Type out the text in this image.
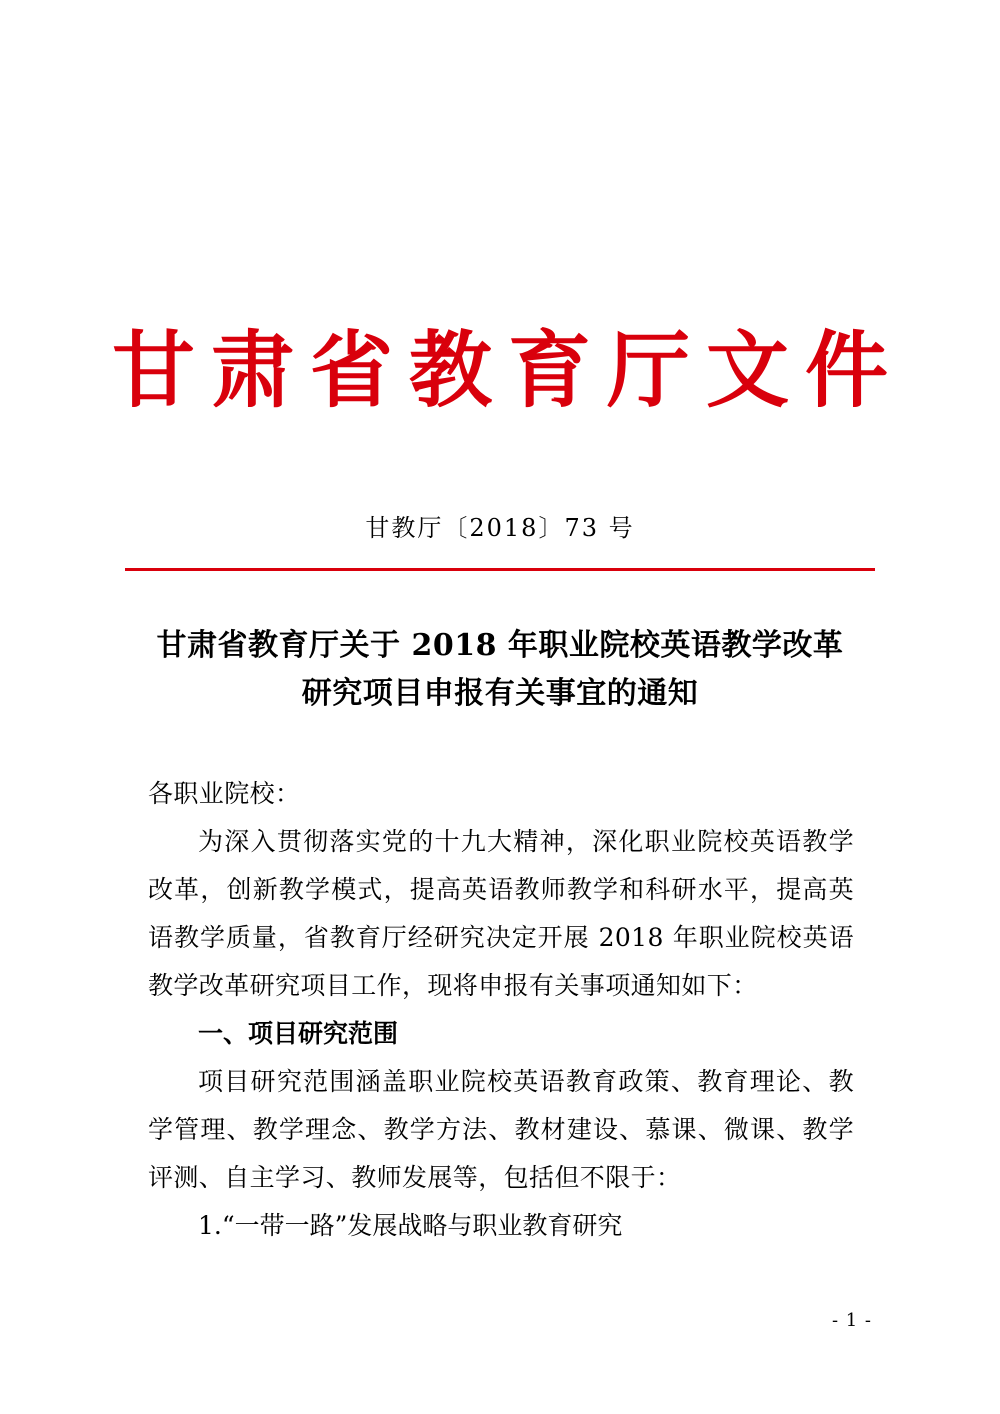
甘肃省教育厅文件
甘教厅〔2018〕73 号
甘肃省教育厅关于 2018 年职业院校英语教学改革研究项目申报有关事宜的通知

各职业院校：

为深入贯彻落实党的十九大精神，深化职业院校英语教学改革，创新教学模式，提高英语教师教学和科研水平，提高英语教学质量，省教育厅经研究决定开展 2018 年职业院校英语教学改革研究项目工作，现将申报有关事项通知如下：

一、项目研究范围

项目研究范围涵盖职业院校英语教育政策、教育理论、教学管理、教学理念、教学方法、教材建设、慕课、微课、教学评测、自主学习、教师发展等，包括但不限于：

1.“一带一路”发展战略与职业教育研究

- 1 -
